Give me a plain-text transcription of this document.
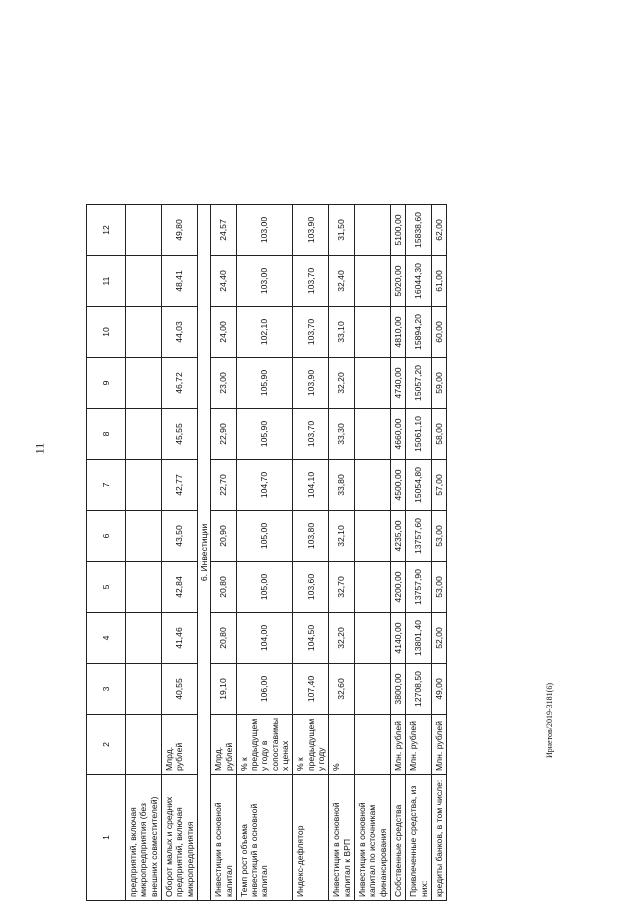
11
1	2	3	4	5	6	7	8	9	10	11	12
предприятий, включая микропредприятия (без внешних совместителей)											
Оборот малых и средних предприятий, включая микропредприятия	Млрд. рублей	40,55	41,46	42,84	43,50	42,77	45,55	46,72	44,03	48,41	49,80
6. Инвестиции											
Инвестиции в основной капитал	Млрд. рублей	19,10	20,80	20,80	20,90	22,70	22,90	23,00	24,00	24,40	24,57
Темп рост объема инвестиций в основной капитал	% к предыдущем у году в сопоставимы х ценах	106,00	104,00	105,00	105,00	104,70	105,90	105,90	102,10	103,00	103,00
Индекс-дефлятор	% к предыдущем у году	107,40	104,50	103,60	103,80	104,10	103,70	103,90	103,70	103,70	103,90
Инвестиции в основной капитал к ВРП	%	32,60	32,20	32,70	32,10	33,80	33,30	32,20	33,10	32,40	31,50
Инвестиции в основной капитал по источникам финансирования											
Собственные средства	Млн. рублей	3800,00	4140,00	4200,00	4235,00	4500,00	4660,00	4740,00	4810,00	5020,00	5100,00
Привлеченные средства, из них:	Млн. рублей	12708,50	13801,40	13757,90	13757,60	15054,80	15061,10	15057,20	15894,20	16044,30	15838,60
кредиты банков, в том числе:	Млн. рублей	49,00	52,00	53,00	53,00	57,00	58,00	59,00	60,00	61,00	62,00
Ирнетов/2019-3181(6)
